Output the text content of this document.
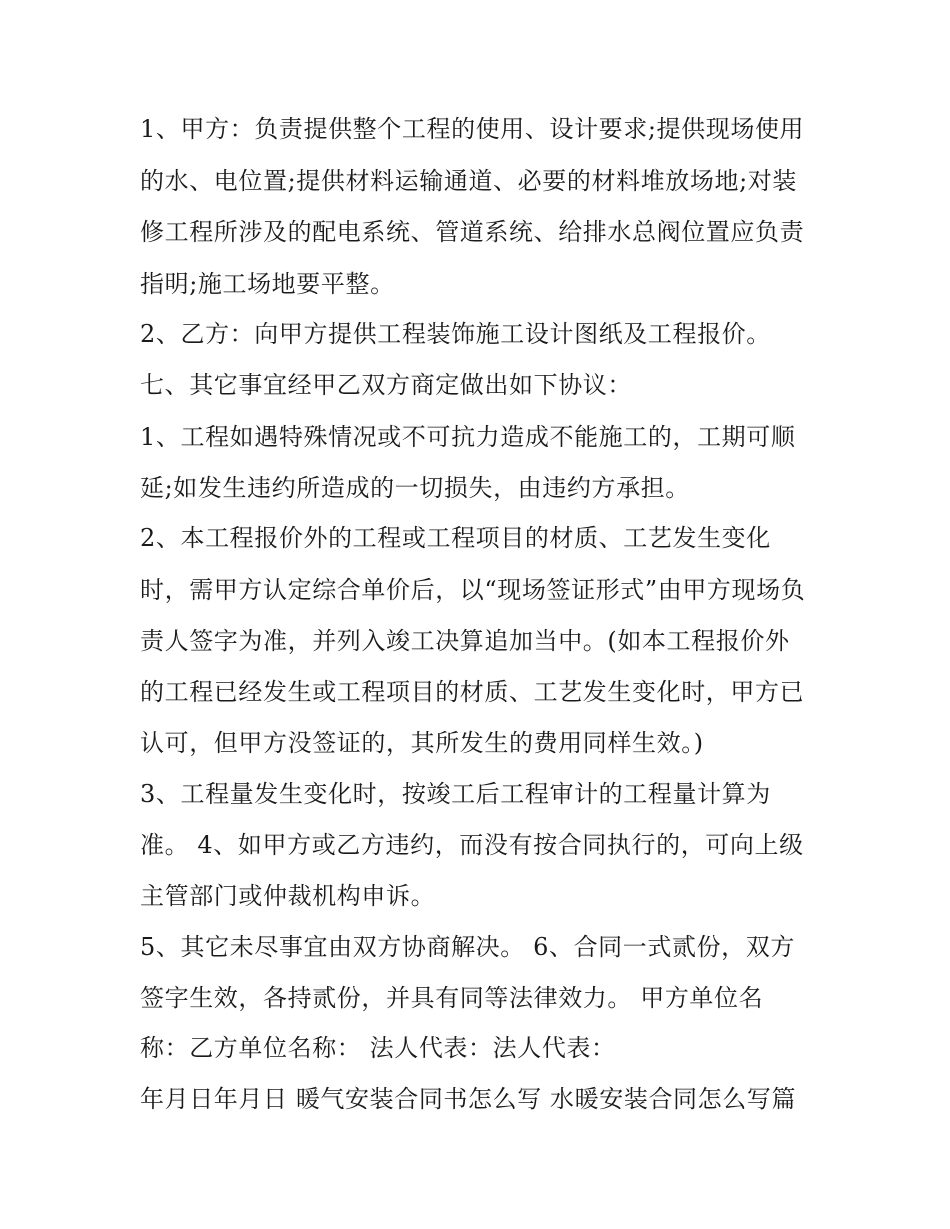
1、甲方：负责提供整个工程的使用、设计要求;提供现场使用
的水、电位置;提供材料运输通道、必要的材料堆放场地;对装
修工程所涉及的配电系统、管道系统、给排水总阀位置应负责
指明;施工场地要平整。
2、乙方：向甲方提供工程装饰施工设计图纸及工程报价。
七、其它事宜经甲乙双方商定做出如下协议：
1、工程如遇特殊情况或不可抗力造成不能施工的，工期可顺
延;如发生违约所造成的一切损失，由违约方承担。
2、本工程报价外的工程或工程项目的材质、工艺发生变化
时，需甲方认定综合单价后，以“现场签证形式”由甲方现场负
责人签字为准，并列入竣工决算追加当中。(如本工程报价外
的工程已经发生或工程项目的材质、工艺发生变化时，甲方已
认可，但甲方没签证的，其所发生的费用同样生效。)
3、工程量发生变化时，按竣工后工程审计的工程量计算为
准。 4、如甲方或乙方违约，而没有按合同执行的，可向上级
主管部门或仲裁机构申诉。
5、其它未尽事宜由双方协商解决。 6、合同一式贰份，双方
签字生效，各持贰份，并具有同等法律效力。 甲方单位名
称：乙方单位名称： 法人代表：法人代表：
年月日年月日 暖气安装合同书怎么写 水暖安装合同怎么写篇
